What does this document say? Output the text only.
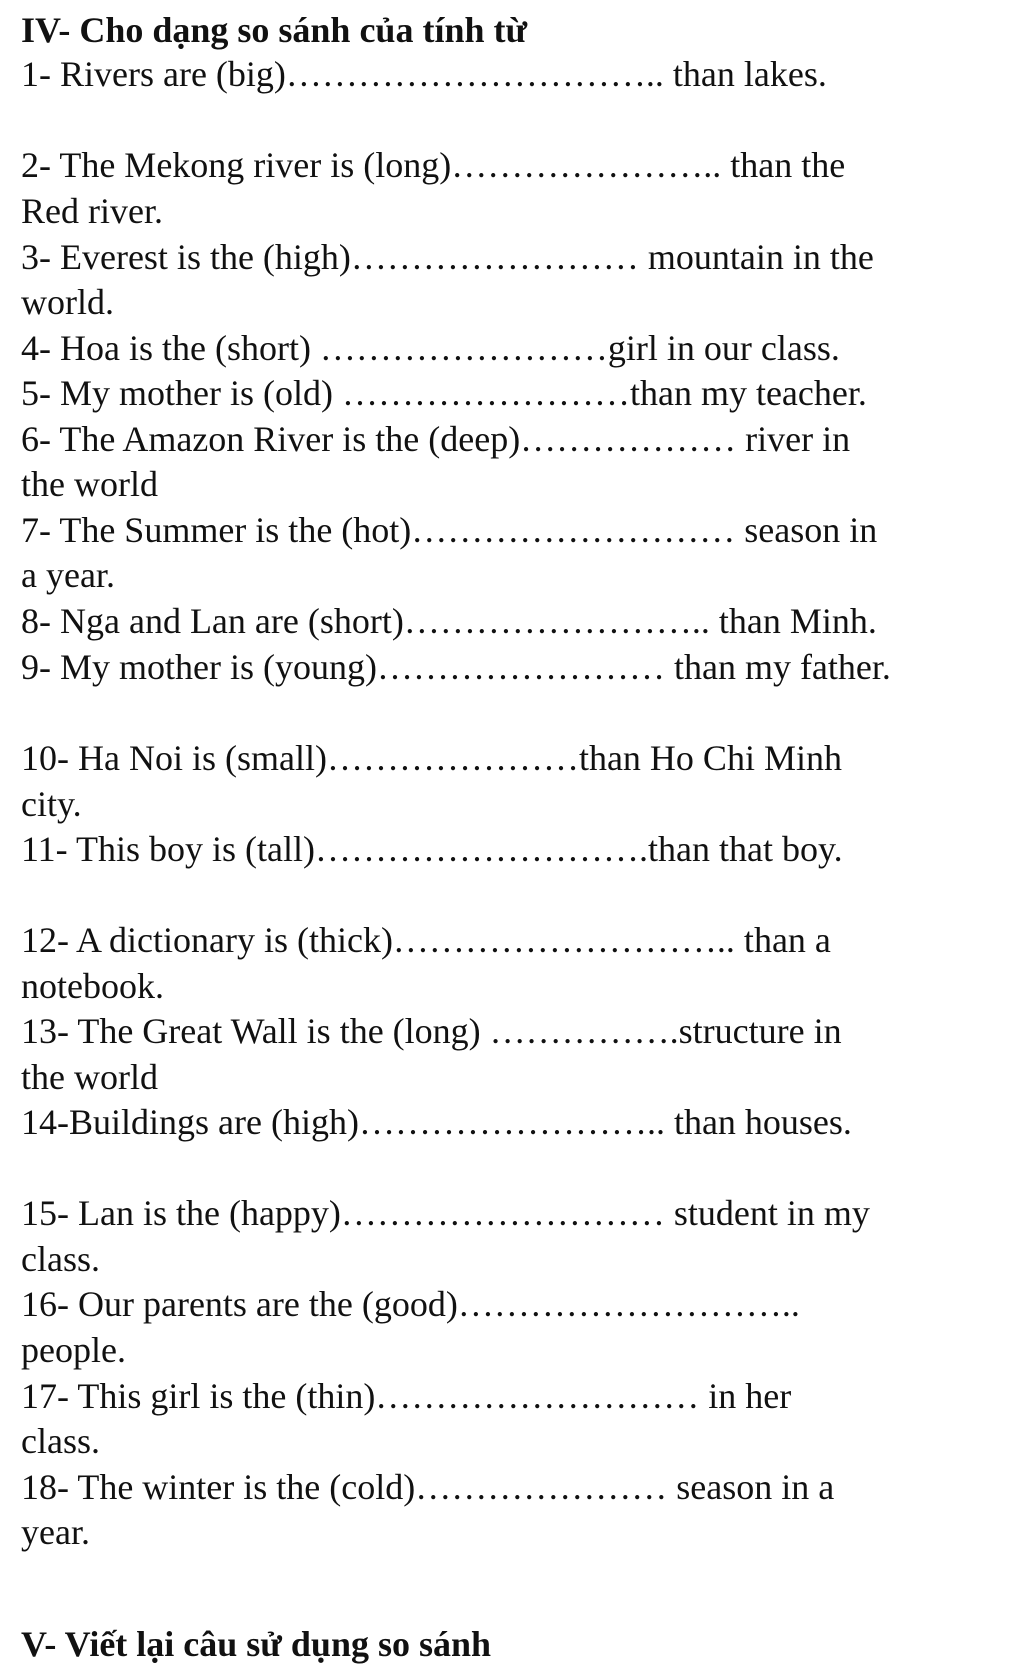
IV- Cho dạng so sánh của tính từ
1- Rivers are (big)………………………….. than lakes.
2- The Mekong river is (long)………………….. than the
Red river.
3- Everest is the (high)…………………… mountain in the
world.
4- Hoa is the (short) ……………………girl in our class.
5- My mother is (old) ……………………than my teacher.
6- The Amazon River is the (deep)……………… river in
the world
7- The Summer is the (hot)……………………… season in
a year.
8- Nga and Lan are (short)…………………….. than Minh.
9- My mother is (young)…………………… than my father.
10- Ha Noi is (small)…………………than Ho Chi Minh
city.
11- This boy is (tall)……………………….than that boy.
12- A dictionary is (thick)……………………….. than a
notebook.
13- The Great Wall is the (long) …………….structure in
the world
14-Buildings are (high)…………………….. than houses.
15- Lan is the (happy)……………………… student in my
class.
16- Our parents are the (good)………………………..
people.
17- This girl is the (thin)……………………… in her
class.
18- The winter is the (cold)………………… season in a
year.
V- Viết lại câu sử dụng so sánh
